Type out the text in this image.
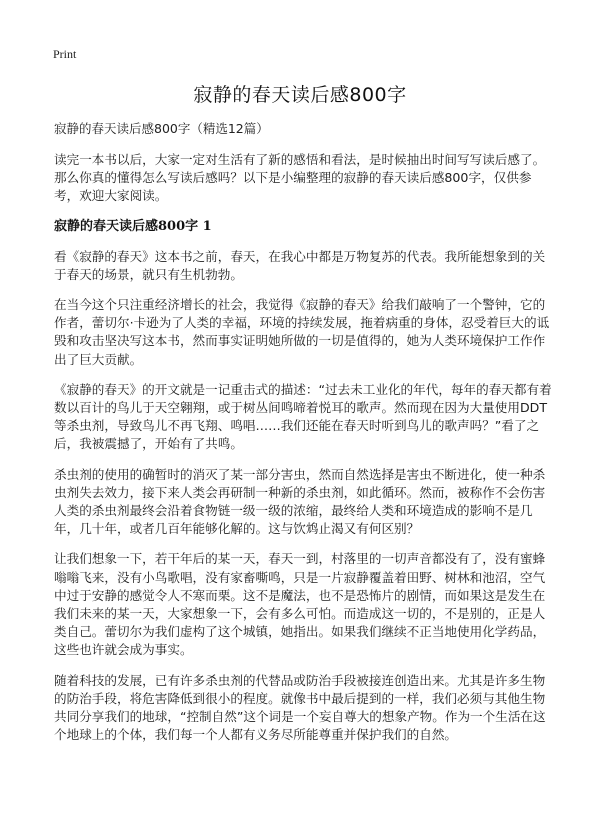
Print
寂静的春天读后感800字
寂静的春天读后感800字（精选12篇）

读完一本书以后，大家一定对生活有了新的感悟和看法，是时候抽出时间写写读后感了。那么你真的懂得怎么写读后感吗？以下是小编整理的寂静的春天读后感800字，仅供参考，欢迎大家阅读。

寂静的春天读后感800字 1

看《寂静的春天》这本书之前，春天，在我心中都是万物复苏的代表。我所能想象到的关于春天的场景，就只有生机勃勃。

在当今这个只注重经济增长的社会，我觉得《寂静的春天》给我们敲响了一个警钟，它的作者，蕾切尔·卡逊为了人类的幸福，环境的持续发展，拖着病重的身体，忍受着巨大的诋毁和攻击坚决写这本书，然而事实证明她所做的一切是值得的，她为人类环境保护工作作出了巨大贡献。

《寂静的春天》的开文就是一记重击式的描述：“过去未工业化的年代，每年的春天都有着数以百计的鸟儿于天空翱翔，或于树丛间鸣啼着悦耳的歌声。然而现在因为大量使用DDT等杀虫剂，导致鸟儿不再飞翔、鸣唱……我们还能在春天时听到鸟儿的歌声吗？”看了之后，我被震撼了，开始有了共鸣。

杀虫剂的使用的确暂时的消灭了某一部分害虫，然而自然选择是害虫不断进化，使一种杀虫剂失去效力，接下来人类会再研制一种新的杀虫剂，如此循环。然而，被称作不会伤害人类的杀虫剂最终会沿着食物链一级一级的浓缩，最终给人类和环境造成的影响不是几年，几十年，或者几百年能够化解的。这与饮鸩止渴又有何区别？

让我们想象一下，若干年后的某一天，春天一到，村落里的一切声音都没有了，没有蜜蜂嗡嗡飞来，没有小鸟歌唱，没有家畜嘶鸣，只是一片寂静覆盖着田野、树林和池沼，空气中过于安静的感觉令人不寒而栗。这不是魔法，也不是恐怖片的剧情，而如果这是发生在我们未来的某一天，大家想象一下，会有多么可怕。而造成这一切的，不是别的，正是人类自己。蕾切尔为我们虚构了这个城镇，她指出。如果我们继续不正当地使用化学药品，这些也许就会成为事实。

随着科技的发展，已有许多杀虫剂的代替品或防治手段被接连创造出来。尤其是许多生物的防治手段，将危害降低到很小的程度。就像书中最后提到的一样，我们必须与其他生物共同分享我们的地球，“控制自然”这个词是一个妄自尊大的想象产物。作为一个生活在这个地球上的个体，我们每一个人都有义务尽所能尊重并保护我们的自然。
